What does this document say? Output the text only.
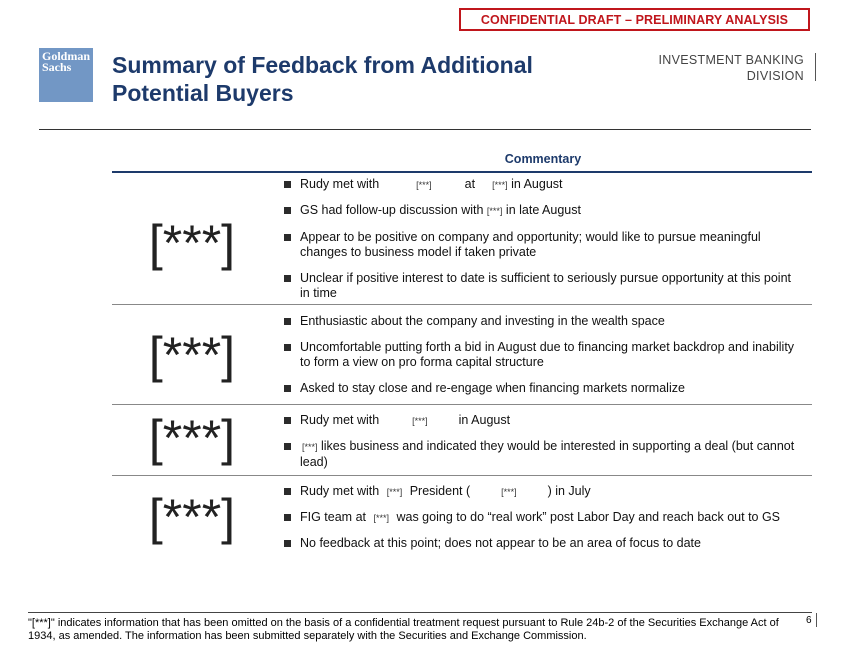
CONFIDENTIAL DRAFT – PRELIMINARY ANALYSIS
Goldman
Sachs	Summary of Feedback from Additional
Potential Buyers
INVESTMENT BANKING
DIVISION
Commentary
[***]
Rudy met with	[***]	at [***] in August
GS had follow-up discussion with [***] in late August
Appear to be positive on company and opportunity; would like to pursue meaningful changes to business model if taken private
Unclear if positive interest to date is sufficient to seriously pursue opportunity at this point in time
[***]
Enthusiastic about the company and investing in the wealth space
Uncomfortable putting forth a bid in August due to financing market backdrop and inability to form a view on pro forma capital structure
Asked to stay close and re-engage when financing markets normalize
[***]	Rudy met with	[***] in August
[***] likes business and indicated they would be interested in supporting a deal (but cannot lead)
[***]	Rudy met with [***] President (	[***] ) in July
FIG team at [***] was going to do “real work” post Labor Day and reach back out to GS
No feedback at this point; does not appear to be an area of focus to date
"[***]" indicates information that has been omitted on the basis of a confidential treatment request pursuant to Rule 24b-2 of the Securities Exchange Act of 1934, as amended. The information has been submitted separately with the Securities and Exchange Commission.
6
